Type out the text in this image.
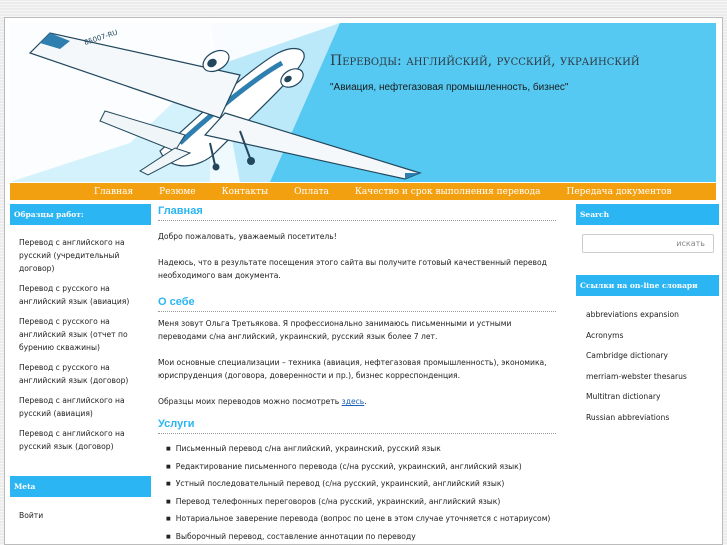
85007-RU
Переводы: английский, русский, украинский
"Авиация, нефтегазовая промышленность, бизнес"
Главная	Резюме	Контакты	Оплата	Качество и срок выполнения перевода	Передача документов
Образцы работ:
Перевод с английского на русский (учредительный договор)
Перевод с русского на английский язык (авиация)
Перевод с русского на английский язык (отчет по бурению скважины)
Перевод с русского на английский язык (договор)
Перевод с английского на русский (авиация)
Перевод с английского на русский язык (договор)
Meta
Войти
Главная

Добро пожаловать, уважаемый посетитель!

Надеюсь, что в результате посещения этого сайта вы получите готовый качественный перевод необходимого вам документа.

О себе

Меня зовут Ольга Третьякова. Я профессионально занимаюсь письменными и устными переводами с/на английский, украинский, русский язык более 7 лет.

Мои основные специализации – техника (авиация, нефтегазовая промышленность), экономика, юриспруденция (договора, доверенности и пр.), бизнес корреспонденция.

Образцы моих переводов можно посмотреть здесь.

Услуги
■ Письменный перевод с/на английский, украинский, русский язык
■ Редактирование письменного перевода (с/на русский, украинский, английский язык)
■ Устный последовательный перевод (с/на русский, украинский, английский язык)
■ Перевод телефонных переговоров (с/на русский, украинский, английский язык)
■ Нотариальное заверение перевода (вопрос по цене в этом случае уточняется с нотариусом)
■ Выборочный перевод, составление аннотации по переводу
Search
искать
Ссылки на on-line словари
abbreviations expansion
Acronyms
Cambridge dictionary
merriam-webster thesarus
Multitran dictionary
Russian abbreviations
